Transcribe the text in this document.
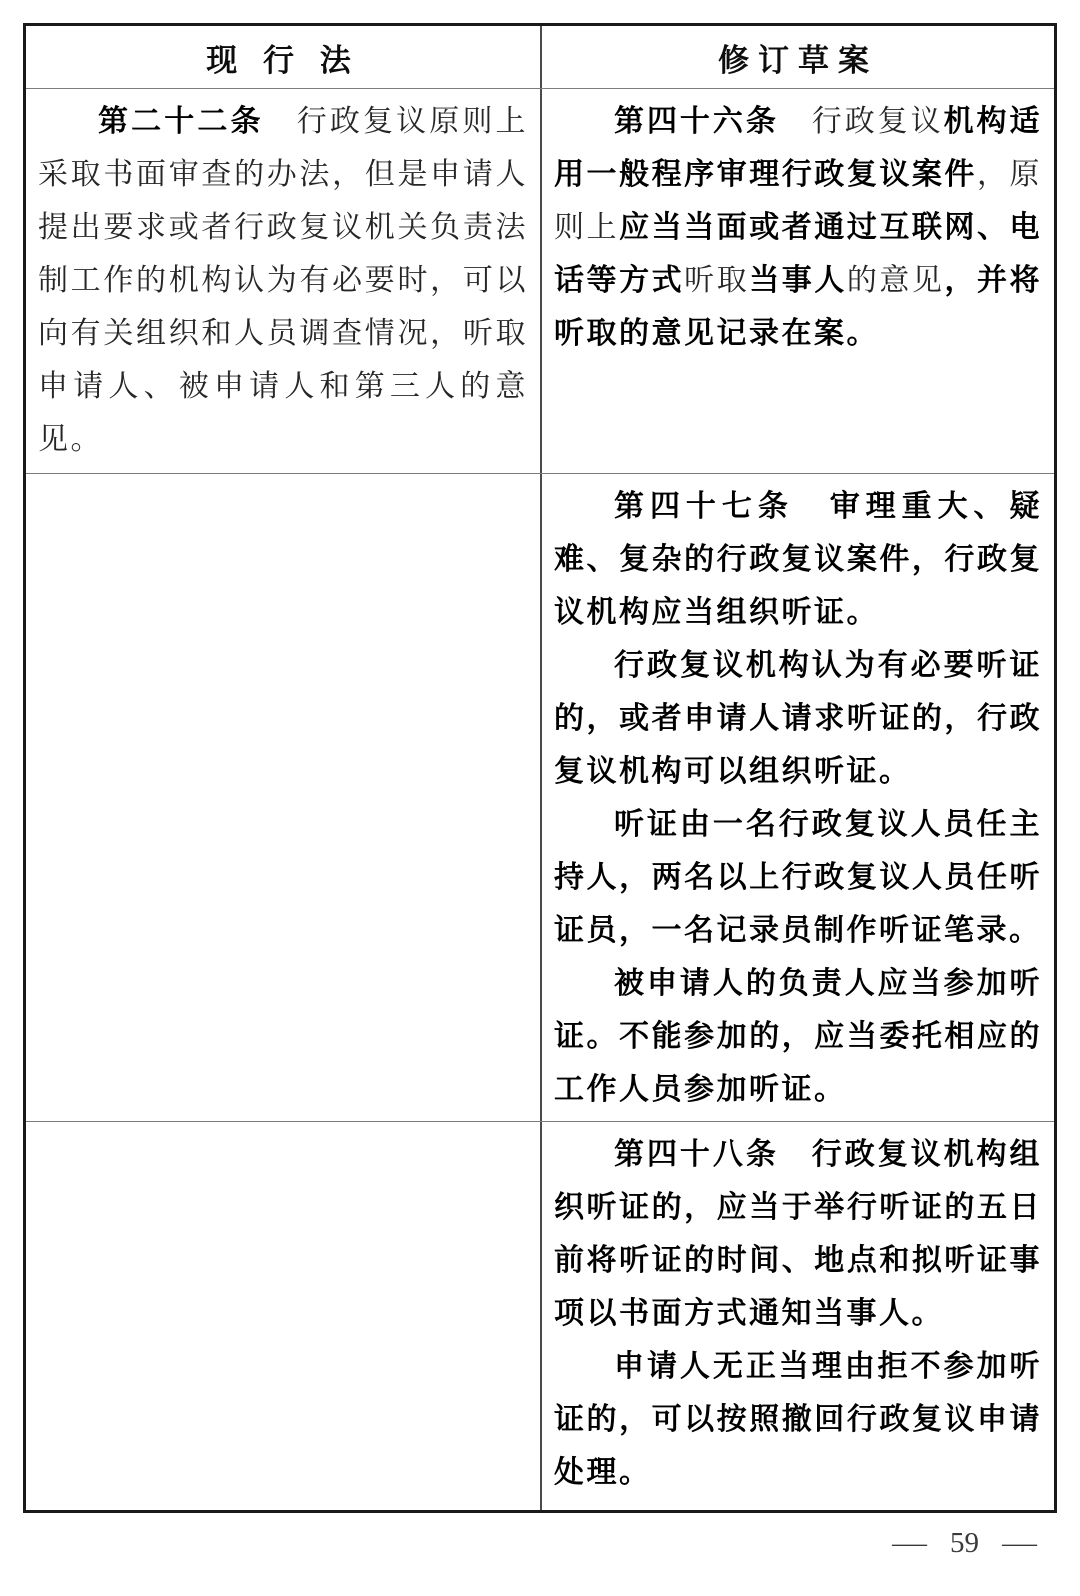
现 行 法	修订草案

第二十二条　行政复议原则上采取书面审查的办法，但是申请人提出要求或者行政复议机关负责法制工作的机构认为有必要时，可以向有关组织和人员调查情况，听取申请人、被申请人和第三人的意见。

第四十六条　行政复议机构适用一般程序审理行政复议案件，原则上应当当面或者通过互联网、电话等方式听取当事人的意见，并将听取的意见记录在案。

第四十七条　审理重大、疑难、复杂的行政复议案件，行政复议机构应当组织听证。

行政复议机构认为有必要听证的，或者申请人请求听证的，行政复议机构可以组织听证。

听证由一名行政复议人员任主持人，两名以上行政复议人员任听证员，一名记录员制作听证笔录。

被申请人的负责人应当参加听证。不能参加的，应当委托相应的工作人员参加听证。

第四十八条　行政复议机构组织听证的，应当于举行听证的五日前将听证的时间、地点和拟听证事项以书面方式通知当事人。

申请人无正当理由拒不参加听证的，可以按照撤回行政复议申请处理。

— 59 —
